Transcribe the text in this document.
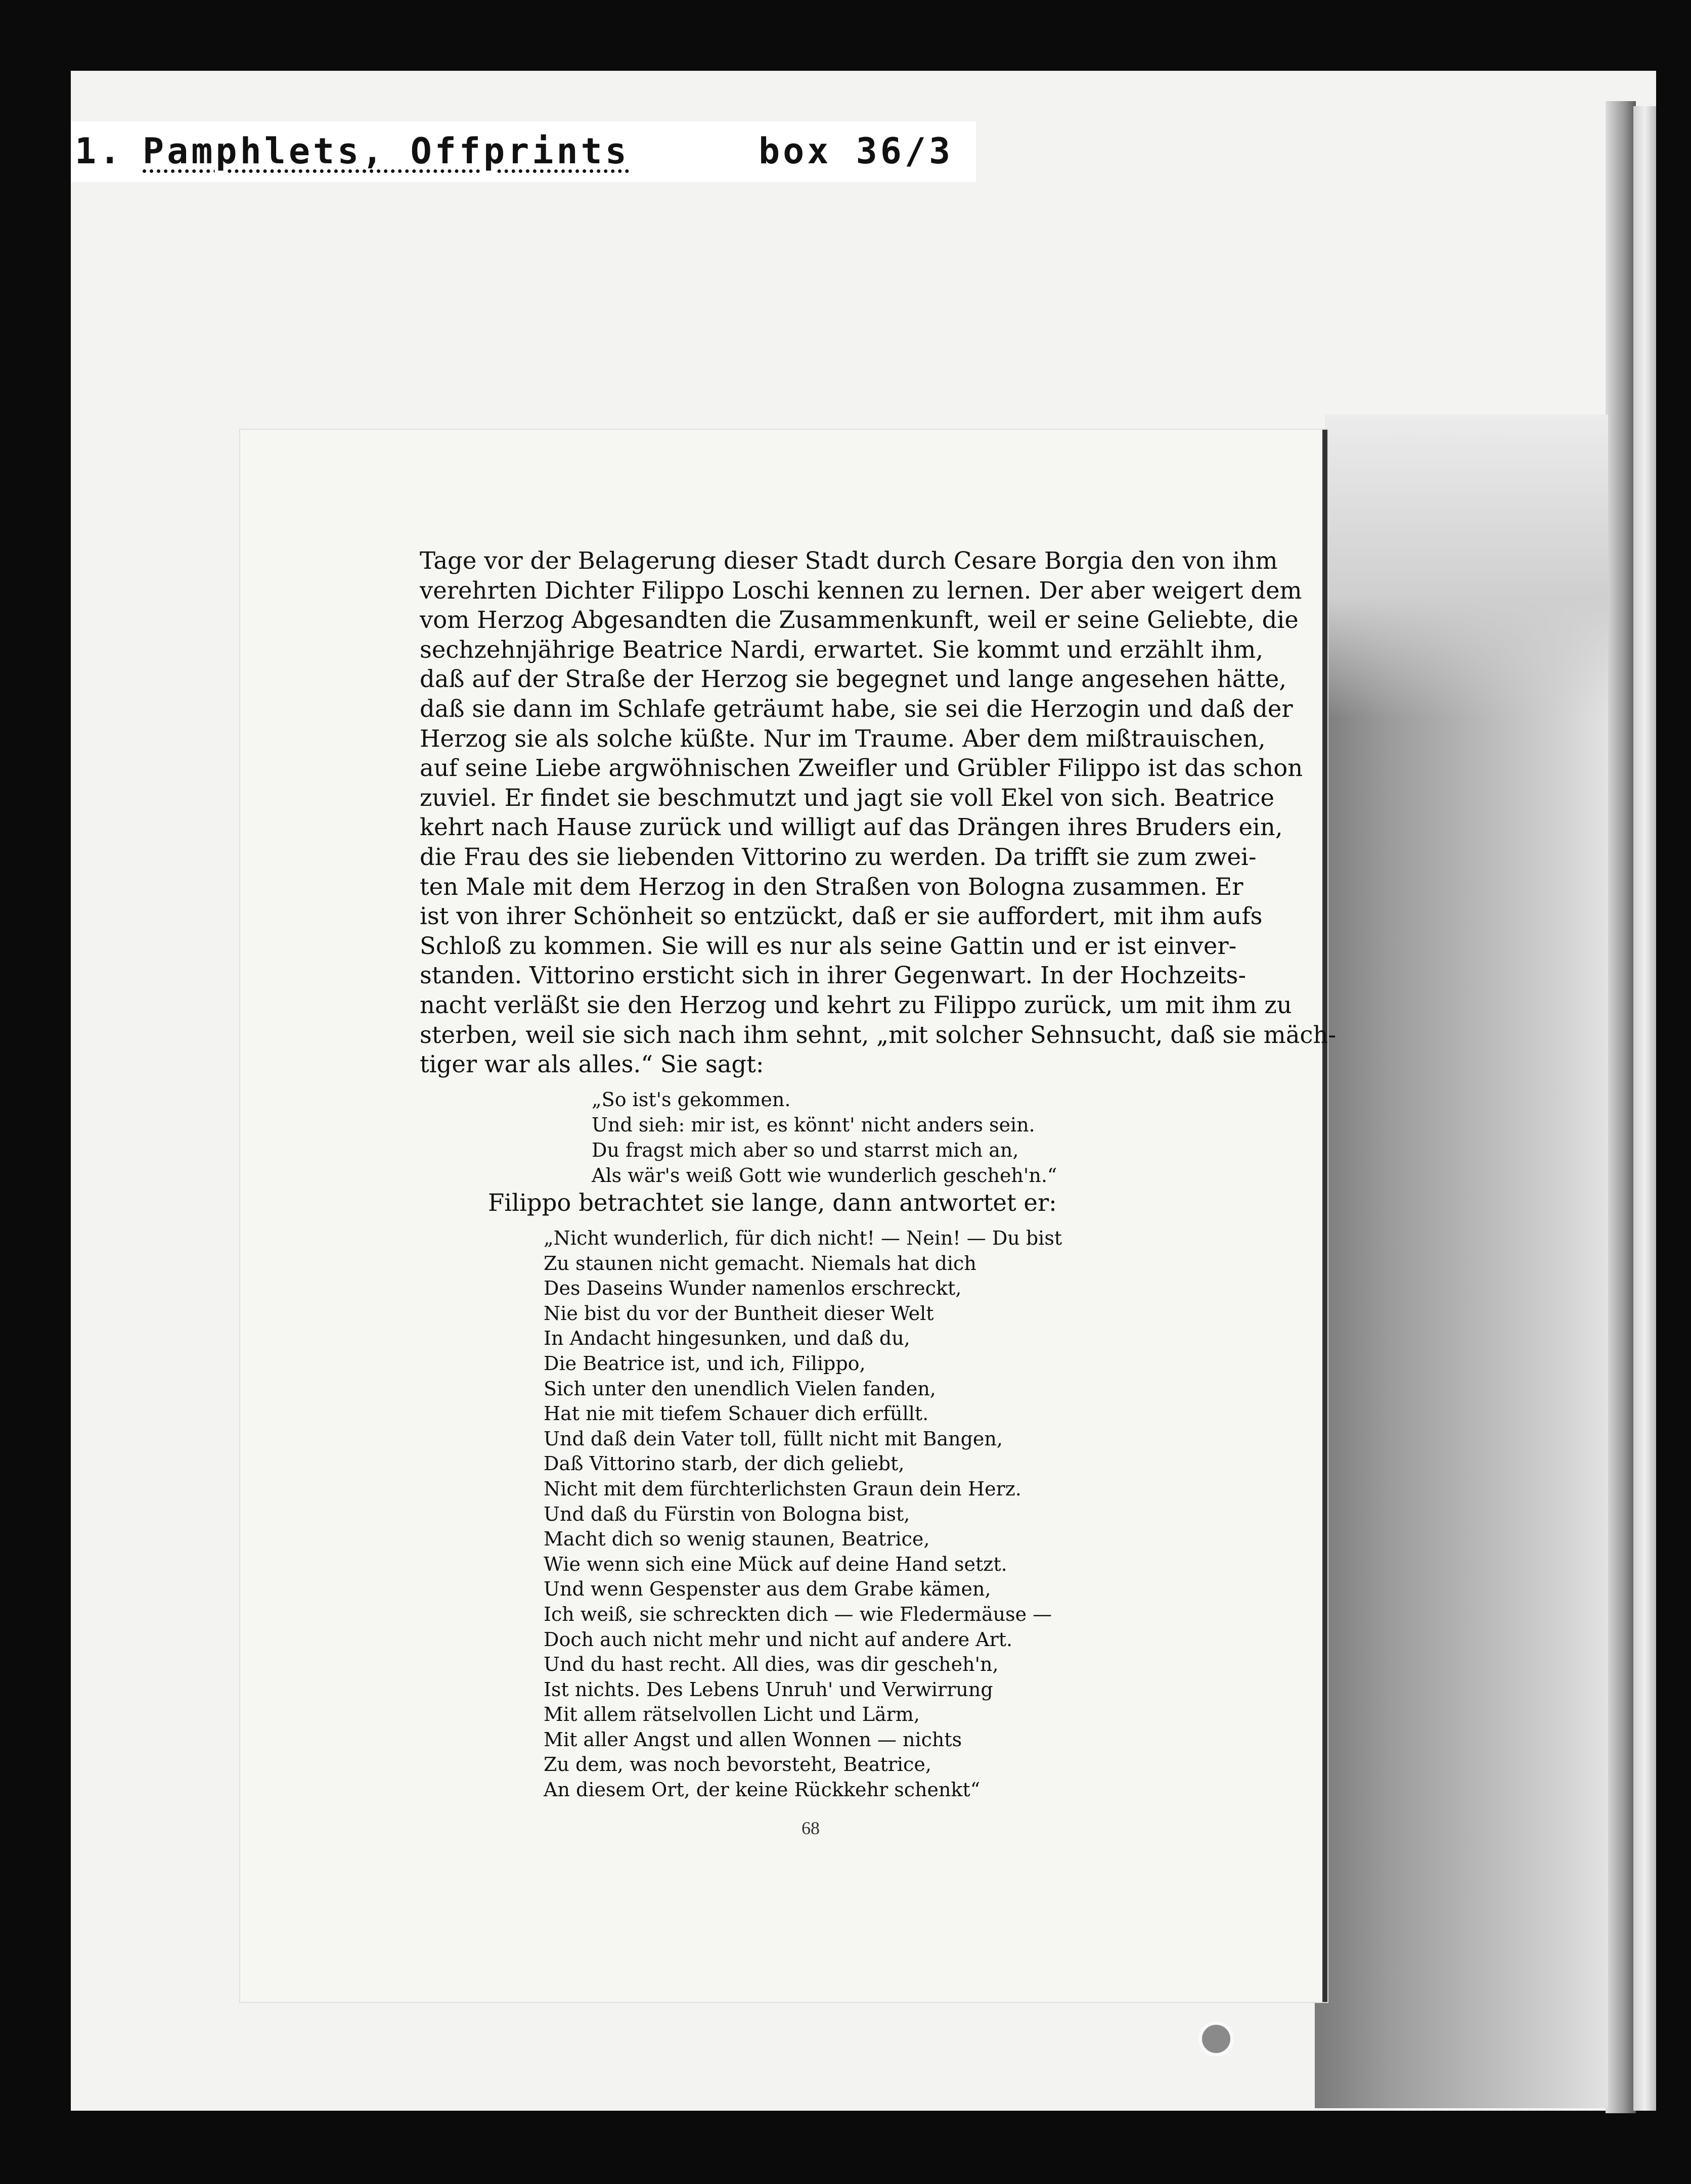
1. Pamphlets, Offprints	box 36/3
Tage vor der Belagerung dieser Stadt durch Cesare Borgia den von ihm
verehrten Dichter Filippo Loschi kennen zu lernen. Der aber weigert dem
vom Herzog Abgesandten die Zusammenkunft, weil er seine Geliebte, die
sechzehnjährige Beatrice Nardi, erwartet. Sie kommt und erzählt ihm,
daß auf der Straße der Herzog sie begegnet und lange angesehen hätte,
daß sie dann im Schlafe geträumt habe, sie sei die Herzogin und daß der
Herzog sie als solche küßte. Nur im Traume. Aber dem mißtrauischen,
auf seine Liebe argwöhnischen Zweifler und Grübler Filippo ist das schon
zuviel. Er findet sie beschmutzt und jagt sie voll Ekel von sich. Beatrice
kehrt nach Hause zurück und willigt auf das Drängen ihres Bruders ein,
die Frau des sie liebenden Vittorino zu werden. Da trifft sie zum zwei-
ten Male mit dem Herzog in den Straßen von Bologna zusammen. Er
ist von ihrer Schönheit so entzückt, daß er sie auffordert, mit ihm aufs
Schloß zu kommen. Sie will es nur als seine Gattin und er ist einver-
standen. Vittorino ersticht sich in ihrer Gegenwart. In der Hochzeits-
nacht verläßt sie den Herzog und kehrt zu Filippo zurück, um mit ihm zu
sterben, weil sie sich nach ihm sehnt, „mit solcher Sehnsucht, daß sie mäch-
tiger war als alles.“ Sie sagt:
„So ist's gekommen.
Und sieh: mir ist, es könnt' nicht anders sein.
Du fragst mich aber so und starrst mich an,
Als wär's weiß Gott wie wunderlich gescheh'n.“
Filippo betrachtet sie lange, dann antwortet er:
„Nicht wunderlich, für dich nicht! — Nein! — Du bist
Zu staunen nicht gemacht. Niemals hat dich
Des Daseins Wunder namenlos erschreckt,
Nie bist du vor der Buntheit dieser Welt
In Andacht hingesunken, und daß du,
Die Beatrice ist, und ich, Filippo,
Sich unter den unendlich Vielen fanden,
Hat nie mit tiefem Schauer dich erfüllt.
Und daß dein Vater toll, füllt nicht mit Bangen,
Daß Vittorino starb, der dich geliebt,
Nicht mit dem fürchterlichsten Graun dein Herz.
Und daß du Fürstin von Bologna bist,
Macht dich so wenig staunen, Beatrice,
Wie wenn sich eine Mück auf deine Hand setzt.
Und wenn Gespenster aus dem Grabe kämen,
Ich weiß, sie schreckten dich — wie Fledermäuse —
Doch auch nicht mehr und nicht auf andere Art.
Und du hast recht. All dies, was dir gescheh'n,
Ist nichts. Des Lebens Unruh' und Verwirrung
Mit allem rätselvollen Licht und Lärm,
Mit aller Angst und allen Wonnen — nichts
Zu dem, was noch bevorsteht, Beatrice,
An diesem Ort, der keine Rückkehr schenkt“
68
